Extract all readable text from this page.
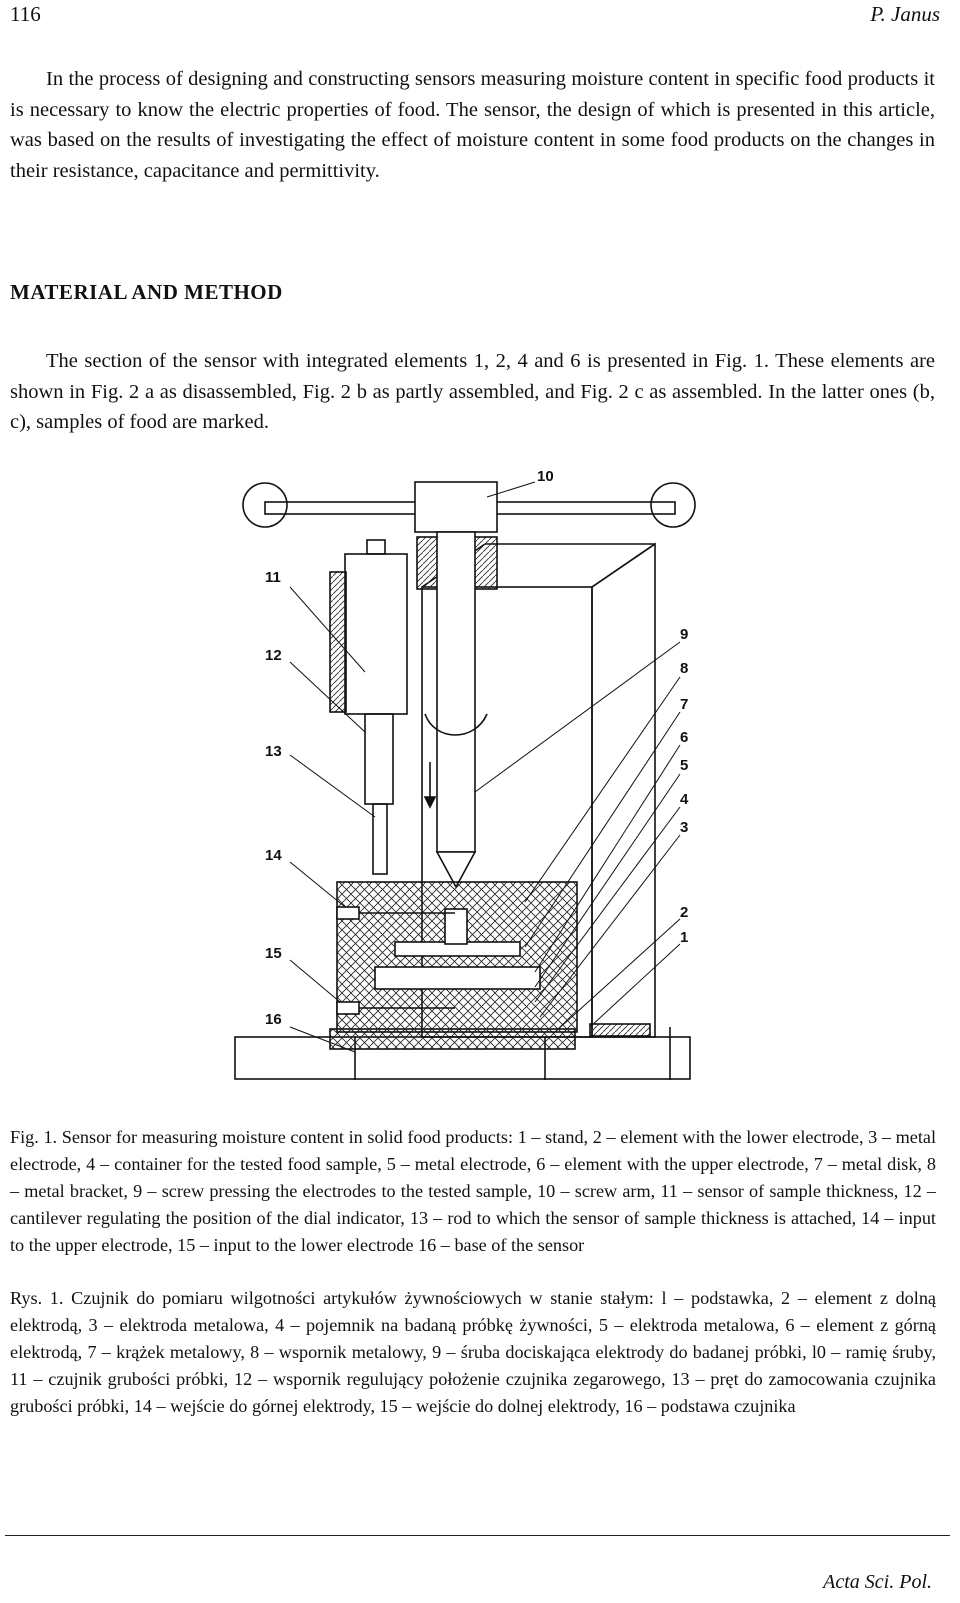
116	P. Janus

In the process of designing and constructing sensors measuring moisture content in specific food products it is necessary to know the electric properties of food. The sensor, the design of which is presented in this article, was based on the results of investigating the effect of moisture content in some food products on the changes in their resistance, capacitance and permittivity.

MATERIAL AND METHOD

The section of the sensor with integrated elements 1, 2, 4 and 6 is presented in Fig. 1. These elements are shown in Fig. 2 a as disassembled, Fig. 2 b as partly assembled, and Fig. 2 c as assembled. In the latter ones (b, c), samples of food are marked.

10
11
12
13
14
15
16
9
8
7
6
5
4
3
2
1

Fig. 1. Sensor for measuring moisture content in solid food products: 1 – stand, 2 – element with the lower electrode, 3 – metal electrode, 4 – container for the tested food sample, 5 – metal electrode, 6 – element with the upper electrode, 7 – metal disk, 8 – metal bracket, 9 – screw pressing the electrodes to the tested sample, 10 – screw arm, 11 – sensor of sample thickness, 12 – cantilever regulating the position of the dial indicator, 13 – rod to which the sensor of sample thickness is attached, 14 – input to the upper electrode, 15 – input to the lower electrode 16 – base of the sensor

Rys. 1. Czujnik do pomiaru wilgotności artykułów żywnościowych w stanie stałym: l – podstawka, 2 – element z dolną elektrodą, 3 – elektroda metalowa, 4 – pojemnik na badaną próbkę żywności, 5 – elektroda metalowa, 6 – element z górną elektrodą, 7 – krążek metalowy, 8 – wspornik metalowy, 9 – śruba dociskająca elektrody do badanej próbki, l0 – ramię śruby, 11 – czujnik grubości próbki, 12 – wspornik regulujący położenie czujnika zegarowego, 13 – pręt do zamocowania czujnika grubości próbki, 14 – wejście do górnej elektrody, 15 – wejście do dolnej elektrody, 16 – podstawa czujnika

Acta Sci. Pol.
